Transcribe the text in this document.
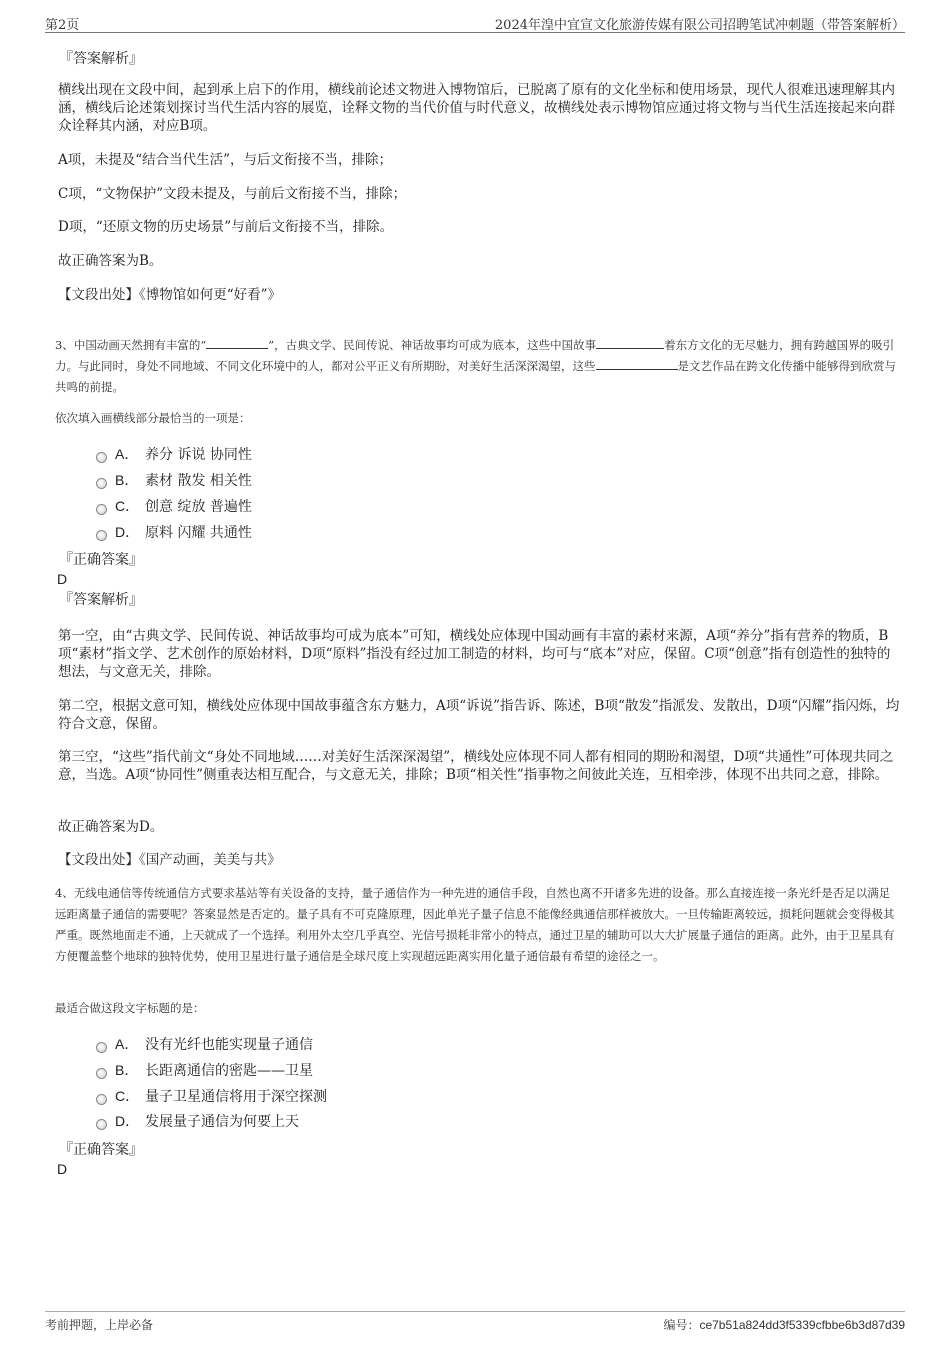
第2页	2024年湟中宜宣文化旅游传媒有限公司招聘笔试冲刺题（带答案解析）
『答案解析』

横线出现在文段中间，起到承上启下的作用，横线前论述文物进入博物馆后，已脱离了原有的文化坐标和使用场景，现代人很难迅速理解其内涵，横线后论述策划探讨当代生活内容的展览，诠释文物的当代价值与时代意义，故横线处表示博物馆应通过将文物与当代生活连接起来向群众诠释其内涵，对应B项。

A项，未提及“结合当代生活”，与后文衔接不当，排除；

C项，“文物保护”文段未提及，与前后文衔接不当，排除；

D项，“还原文物的历史场景”与前后文衔接不当，排除。

故正确答案为B。

【文段出处】《博物馆如何更“好看”》

3、中国动画天然拥有丰富的“	”，古典文学、民间传说、神话故事均可成为底本，这些中国故事	着东方文化的无尽魅力，拥有跨越国界的吸引力。与此同时，身处不同地域、不同文化环境中的人，都对公平正义有所期盼，对美好生活深深渴望，这些	是文艺作品在跨文化传播中能够得到欣赏与共鸣的前提。

依次填入画横线部分最恰当的一项是：

A． 养分 诉说 协同性
B． 素材 散发 相关性
C． 创意 绽放 普遍性
D． 原料 闪耀 共通性
『正确答案』
D
『答案解析』

第一空，由“古典文学、民间传说、神话故事均可成为底本”可知，横线处应体现中国动画有丰富的素材来源，A项“养分”指有营养的物质，B项“素材”指文学、艺术创作的原始材料，D项“原料”指没有经过加工制造的材料，均可与“底本”对应，保留。C项“创意”指有创造性的独特的想法，与文意无关，排除。

第二空，根据文意可知，横线处应体现中国故事蕴含东方魅力，A项“诉说”指告诉、陈述，B项“散发”指派发、发散出，D项“闪耀”指闪烁，均符合文意，保留。

第三空，“这些”指代前文“身处不同地域……对美好生活深深渴望”，横线处应体现不同人都有相同的期盼和渴望，D项“共通性”可体现共同之意，当选。A项“协同性”侧重表达相互配合，与文意无关，排除；B项“相关性”指事物之间彼此关连，互相牵涉，体现不出共同之意，排除。

故正确答案为D。

【文段出处】《国产动画，美美与共》

4、无线电通信等传统通信方式要求基站等有关设备的支持，量子通信作为一种先进的通信手段，自然也离不开诸多先进的设备。那么直接连接一条光纤是否足以满足远距离量子通信的需要呢？答案显然是否定的。量子具有不可克隆原理，因此单光子量子信息不能像经典通信那样被放大。一旦传输距离较远，损耗问题就会变得极其严重。既然地面走不通，上天就成了一个选择。利用外太空几乎真空、光信号损耗非常小的特点，通过卫星的辅助可以大大扩展量子通信的距离。此外，由于卫星具有方便覆盖整个地球的独特优势，使用卫星进行量子通信是全球尺度上实现超远距离实用化量子通信最有希望的途径之一。

最适合做这段文字标题的是：

A． 没有光纤也能实现量子通信
B． 长距离通信的密匙——卫星
C． 量子卫星通信将用于深空探测
D． 发展量子通信为何要上天
『正确答案』
D
考前押题，上岸必备	编号：ce7b51a824dd3f5339cfbbe6b3d87d39
